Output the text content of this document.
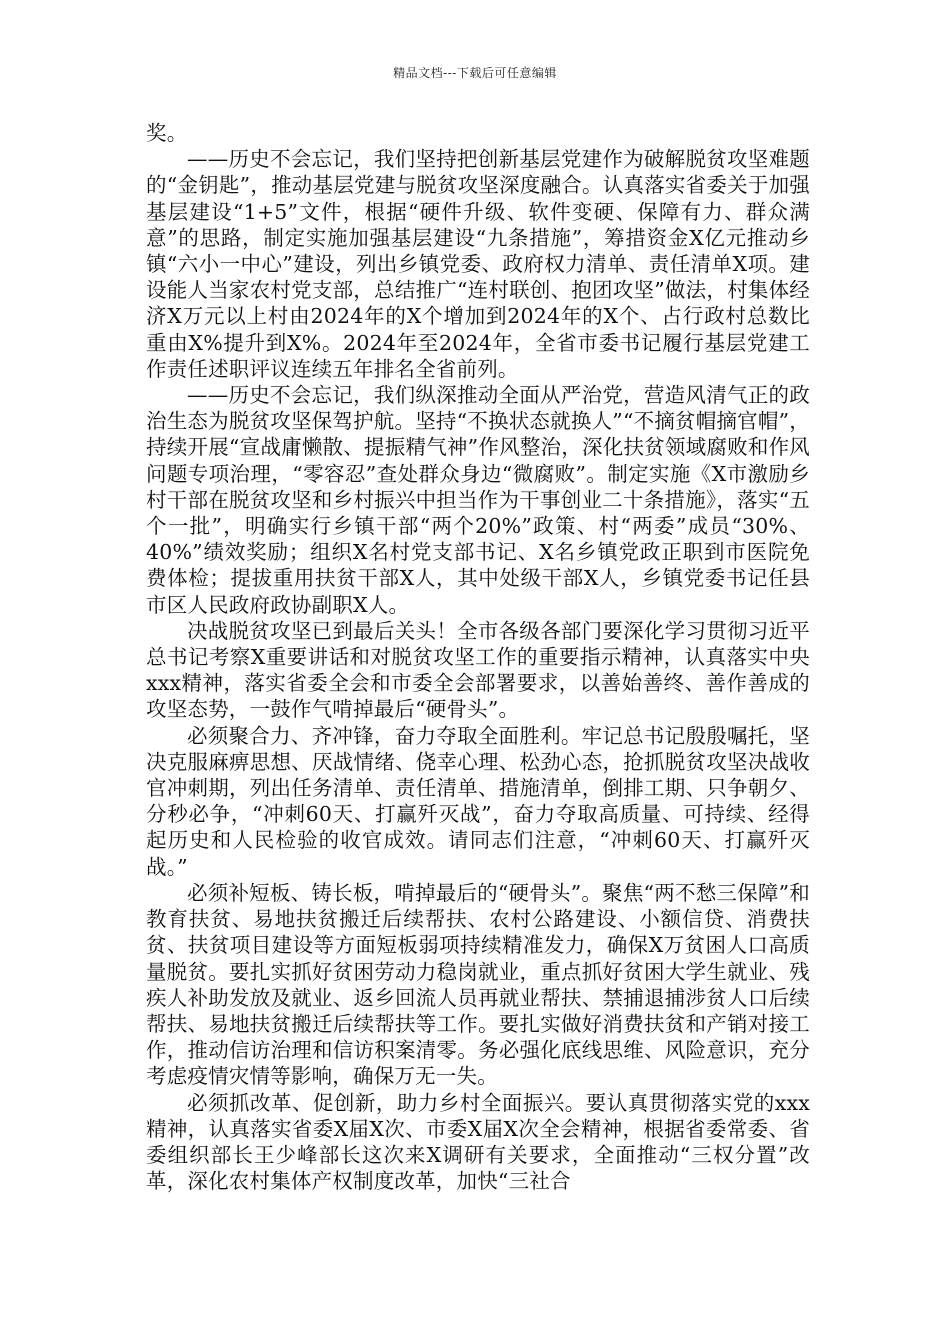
精品文档---下载后可任意编辑

奖。

——历史不会忘记，我们坚持把创新基层党建作为破解脱贫攻坚难题的“金钥匙”，推动基层党建与脱贫攻坚深度融合。认真落实省委关于加强基层建设“1+5”文件，根据“硬件升级、软件变硬、保障有力、群众满意”的思路，制定实施加强基层建设“九条措施”，筹措资金X亿元推动乡镇“六小一中心”建设，列出乡镇党委、政府权力清单、责任清单X项。建设能人当家农村党支部，总结推广“连村联创、抱团攻坚”做法，村集体经济X万元以上村由2024年的X个增加到2024年的X个、占行政村总数比重由X%提升到X%。2024年至2024年，全省市委书记履行基层党建工作责任述职评议连续五年排名全省前列。

——历史不会忘记，我们纵深推动全面从严治党，营造风清气正的政治生态为脱贫攻坚保驾护航。坚持“不换状态就换人”“不摘贫帽摘官帽”，持续开展“宣战庸懒散、提振精气神”作风整治，深化扶贫领域腐败和作风问题专项治理，“零容忍”查处群众身边“微腐败”。制定实施《X市激励乡村干部在脱贫攻坚和乡村振兴中担当作为干事创业二十条措施》，落实“五个一批”，明确实行乡镇干部“两个20%”政策、村“两委”成员“30%、40%”绩效奖励；组织X名村党支部书记、X名乡镇党政正职到市医院免费体检；提拔重用扶贫干部X人，其中处级干部X人，乡镇党委书记任县市区人民政府政协副职X人。

决战脱贫攻坚已到最后关头！全市各级各部门要深化学习贯彻习近平总书记考察X重要讲话和对脱贫攻坚工作的重要指示精神，认真落实中央xxx精神，落实省委全会和市委全会部署要求，以善始善终、善作善成的攻坚态势，一鼓作气啃掉最后“硬骨头”。

必须聚合力、齐冲锋，奋力夺取全面胜利。牢记总书记殷殷嘱托，坚决克服麻痹思想、厌战情绪、侥幸心理、松劲心态，抢抓脱贫攻坚决战收官冲刺期，列出任务清单、责任清单、措施清单，倒排工期、只争朝夕、分秒必争，“冲刺60天、打赢歼灭战”，奋力夺取高质量、可持续、经得起历史和人民检验的收官成效。请同志们注意，“冲刺60天、打赢歼灭战。”

必须补短板、铸长板，啃掉最后的“硬骨头”。聚焦“两不愁三保障”和教育扶贫、易地扶贫搬迁后续帮扶、农村公路建设、小额信贷、消费扶贫、扶贫项目建设等方面短板弱项持续精准发力，确保X万贫困人口高质量脱贫。要扎实抓好贫困劳动力稳岗就业，重点抓好贫困大学生就业、残疾人补助发放及就业、返乡回流人员再就业帮扶、禁捕退捕涉贫人口后续帮扶、易地扶贫搬迁后续帮扶等工作。要扎实做好消费扶贫和产销对接工作，推动信访治理和信访积案清零。务必强化底线思维、风险意识，充分考虑疫情灾情等影响，确保万无一失。

必须抓改革、促创新，助力乡村全面振兴。要认真贯彻落实党的xxx精神，认真落实省委X届X次、市委X届X次全会精神，根据省委常委、省委组织部长王少峰部长这次来X调研有关要求，全面推动“三权分置”改革，深化农村集体产权制度改革，加快“三社合
